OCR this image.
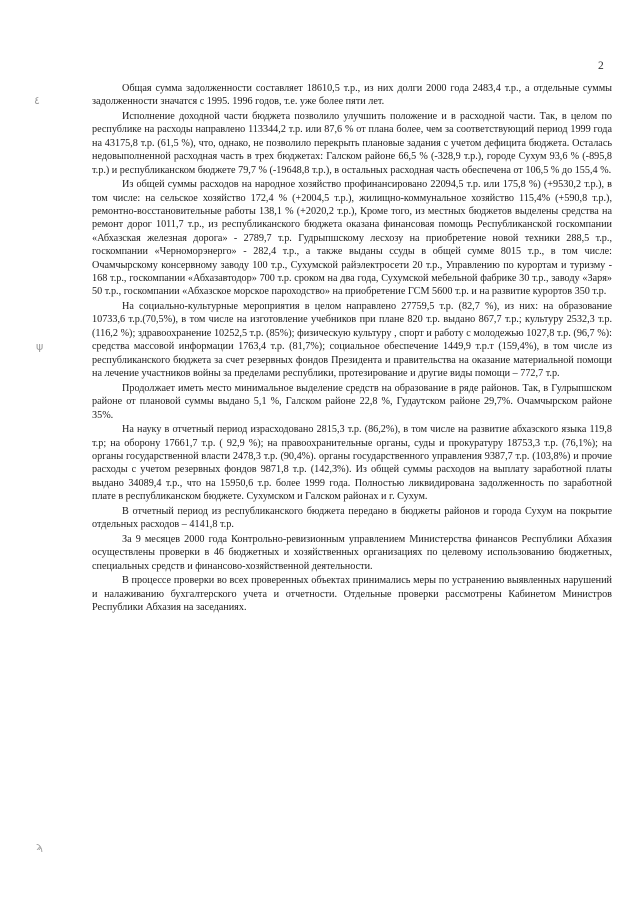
2
٤
ψ
ϡ

Общая сумма задолженности составляет 18610,5 т.р., из них долги 2000 года 2483,4 т.р., а отдельные суммы задолженности значатся с 1995. 1996 годов, т.е. уже более пяти лет.

Исполнение доходной части бюджета позволило улучшить положение и в расходной части. Так, в целом по республике на расходы направлено 113344,2 т.р. или 87,6 % от плана более, чем за соответствующий период 1999 года на 43175,8 т.р. (61,5 %), что, однако, не позволило перекрыть плановые задания с учетом дефицита бюджета. Осталась недовыполненной расходная часть в трех бюджетах: Галском районе 66,5 % (-328,9 т.р.), городе Сухум 93,6 % (-895,8 т.р.) и республиканском бюджете 79,7 % (-19648,8 т.р.), в остальных расходная часть обеспечена от 106,5 % до 155,4 %.

Из общей суммы расходов на народное хозяйство профинансировано 22094,5 т.р. или 175,8 %) (+9530,2 т.р.), в том числе: на сельское хозяйство 172,4 % (+2004,5 т.р.), жилищно-коммунальное хозяйство 115,4% (+590,8 т.р.), ремонтно-восстановительные работы 138,1 % (+2020,2 т.р.), Кроме того, из местных бюджетов выделены средства на ремонт дорог 1011,7 т.р., из республиканского бюджета оказана финансовая помощь Республиканской госкомпании «Абхазская железная дорога» - 2789,7 т.р. Гудрыпшскому лесхозу на приобретение новой техники 288,5 т.р., госкомпании «Черноморэнерго» - 282,4 т.р., а также выданы ссуды в общей сумме 8015 т.р., в том числе: Очамчырскому консервному заводу 100 т.р., Сухумской райэлектросети 20 т.р., Управлению по курортам и туризму - 168 т.р., госкомпании «Абхазавтодор» 700 т.р. сроком на два года, Сухумской мебельной фабрике 30 т.р., заводу «Заря» 50 т.р., госкомпании «Абхазское морское пароходство» на приобретение ГСМ 5600 т.р. и на развитие курортов 350 т.р.

На социально-культурные мероприятия в целом направлено 27759,5 т.р. (82,7 %), из них: на образование 10733,6 т.р.(70,5%), в том числе на изготовление учебников при плане 820 т.р. выдано 867,7 т.р.; культуру 2532,3 т.р.(116,2 %); здравоохранение 10252,5 т.р. (85%); физическую культуру , спорт и работу с молодежью 1027,8 т.р. (96,7 %): средства массовой информации 1763,4 т.р. (81,7%); социальное обеспечение 1449,9 т.р.т (159,4%), в том числе из республиканского бюджета за счет резервных фондов Президента и правительства на оказание материальной помощи на лечение участников войны за пределами республики, протезирование и другие виды помощи – 772,7 т.р.

Продолжает иметь место минимальное выделение средств на образование в ряде районов. Так, в Гулрыпшском районе от плановой суммы выдано 5,1 %, Галском районе 22,8 %, Гудаутском районе 29,7%. Очамчырском районе 35%.

На науку в отчетный период израсходовано 2815,3 т.р. (86,2%), в том числе на развитие абхазского языка 119,8 т.р; на оборону 17661,7 т.р. ( 92,9 %); на правоохранительные органы, суды и прокуратуру 18753,3 т.р. (76,1%); на органы государственной власти 2478,3 т.р. (90,4%). органы государственного управления 9387,7 т.р. (103,8%) и прочие расходы с учетом резервных фондов 9871,8 т.р. (142,3%). Из общей суммы расходов на выплату заработной платы выдано 34089,4 т.р., что на 15950,6 т.р. более 1999 года. Полностью ликвидирована задолженность по заработной плате в республиканском бюджете. Сухумском и Галском районах и г. Сухум.

В отчетный период из республиканского бюджета передано в бюджеты районов и города Сухум на покрытие отдельных расходов – 4141,8 т.р.

За 9 месяцев 2000 года Контрольно-ревизионным управлением Министерства финансов Республики Абхазия осуществлены проверки в 46 бюджетных и хозяйственных организациях по целевому использованию бюджетных, специальных средств и финансово-хозяйственной деятельности.

В процессе проверки во всех проверенных объектах принимались меры по устранению выявленных нарушений и налаживанию бухгалтерского учета и отчетности. Отдельные проверки рассмотрены Кабинетом Министров Республики Абхазия на заседаниях.
